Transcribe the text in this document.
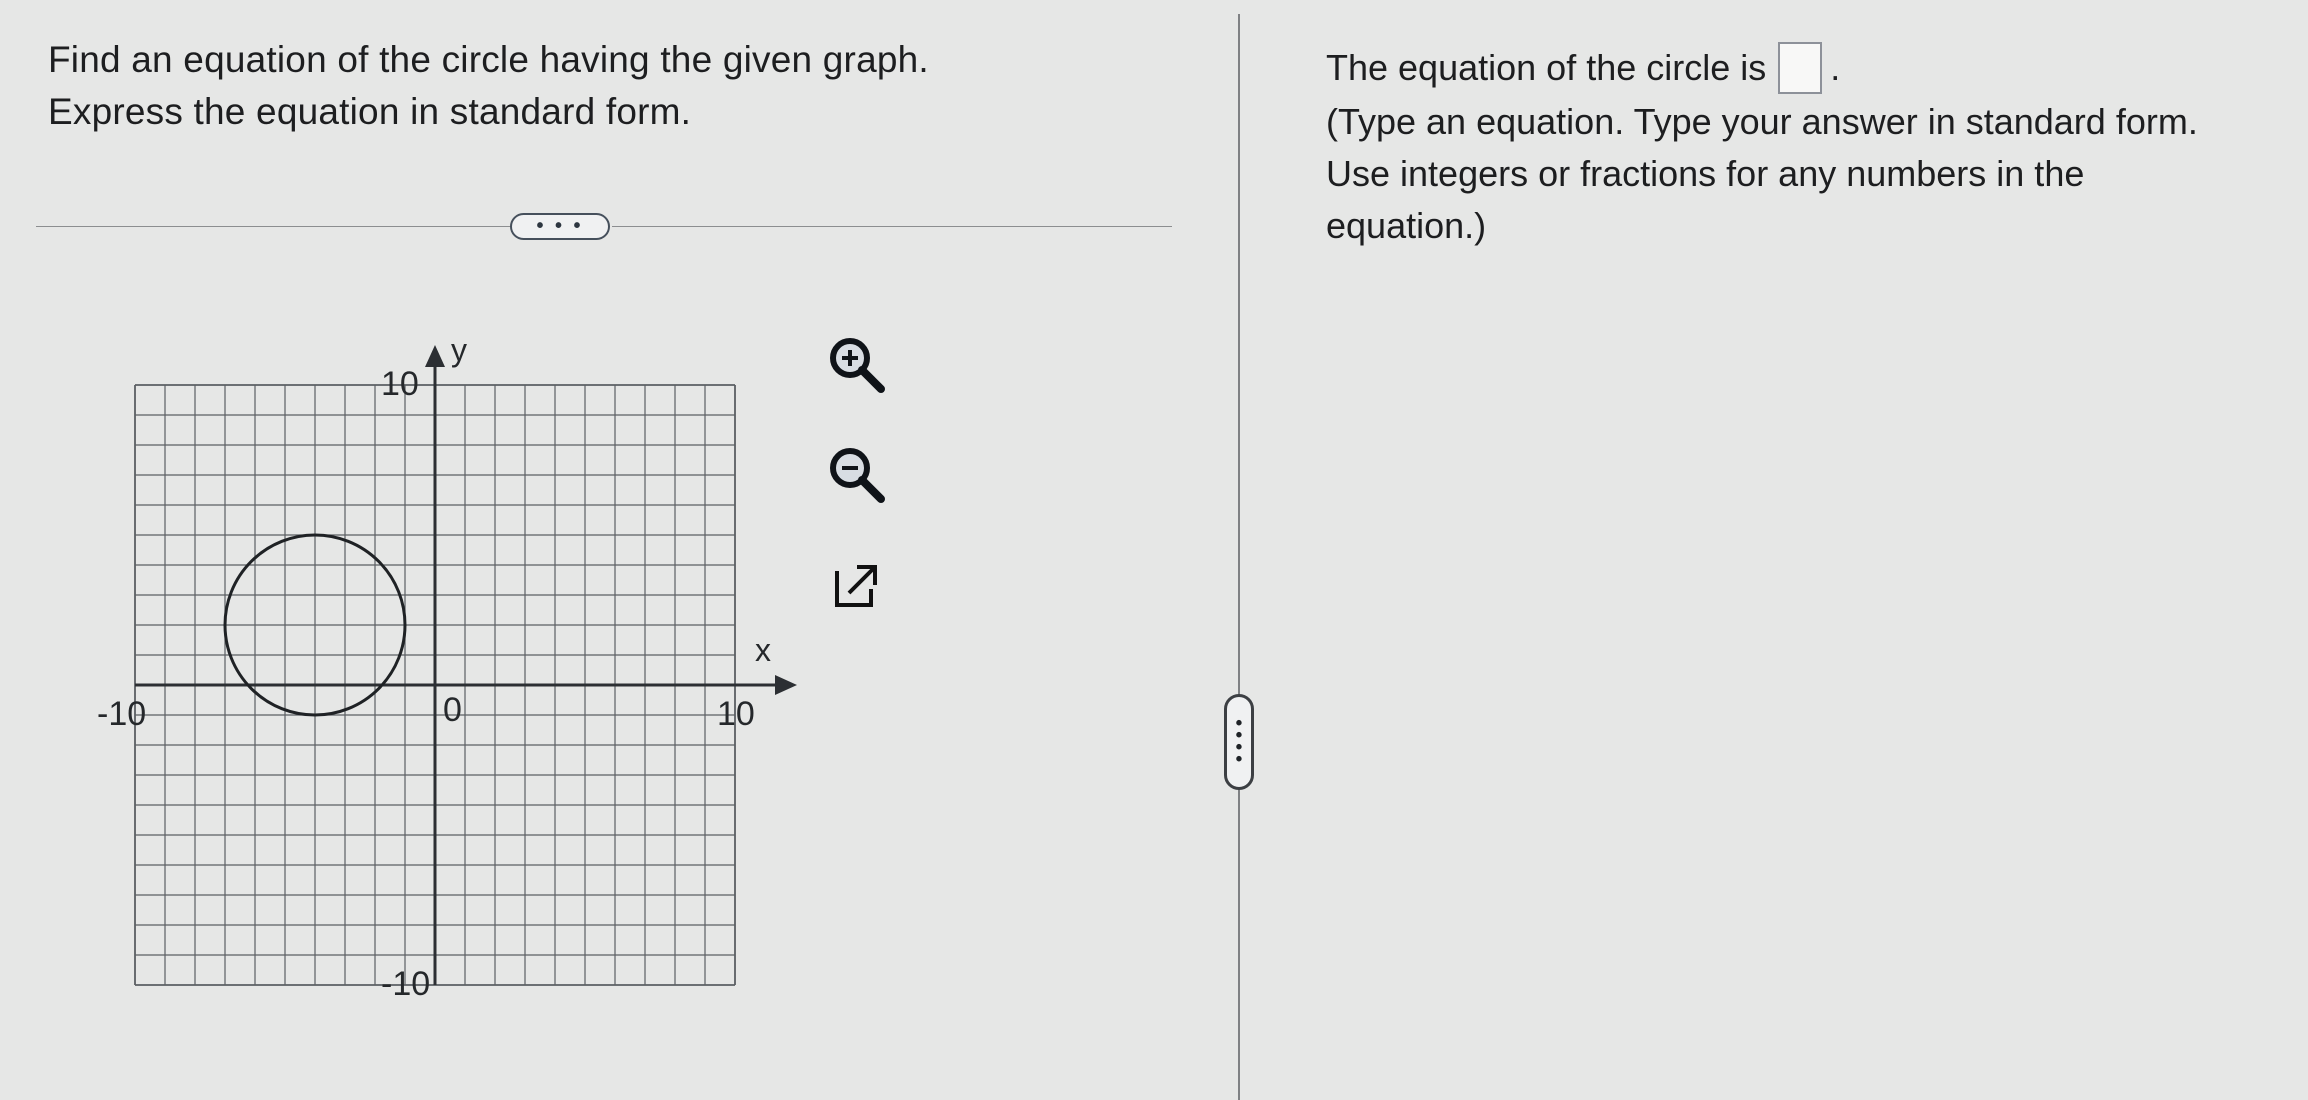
Find an equation of the circle having the given graph.
Express the equation in standard form.
• • •
x
y
-10	10
10
-10
0	•
•
•
•
The equation of the circle is .
(Type an equation. Type your answer in standard form. Use integers or fractions for any numbers in the equation.)
